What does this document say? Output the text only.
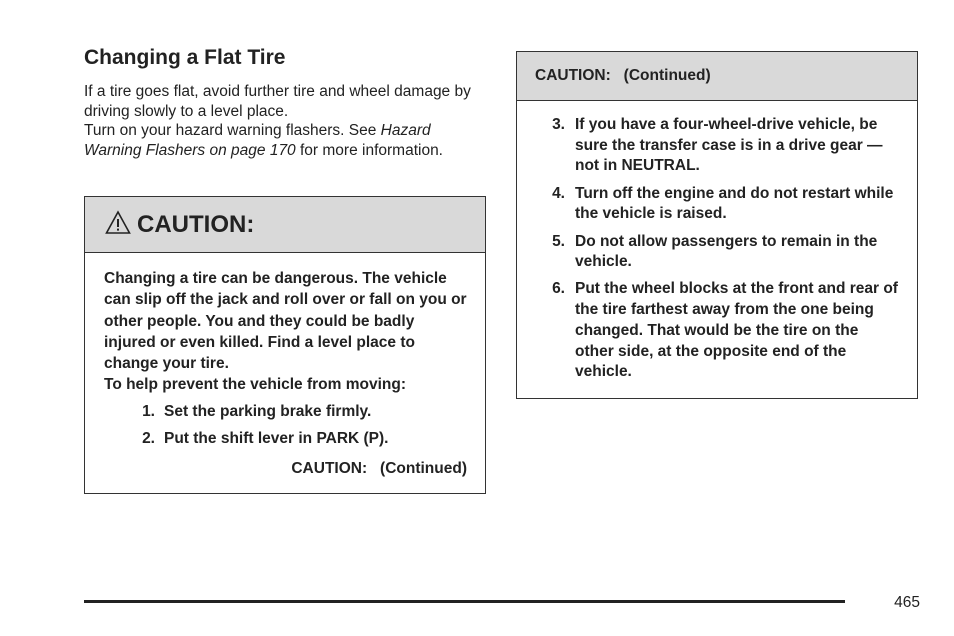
Changing a Flat Tire
If a tire goes flat, avoid further tire and wheel damage by driving slowly to a level place.
Turn on your hazard warning flashers. See Hazard Warning Flashers on page 170 for more information.
CAUTION:

Changing a tire can be dangerous. The vehicle can slip off the jack and roll over or fall on you or other people. You and they could be badly injured or even killed. Find a level place to change your tire.

To help prevent the vehicle from moving:

1. Set the parking brake firmly.
2. Put the shift lever in PARK (P).
CAUTION:   (Continued)
CAUTION:   (Continued)
3. If you have a four-wheel-drive vehicle, be sure the transfer case is in a drive gear — not in NEUTRAL.
4. Turn off the engine and do not restart while the vehicle is raised.
5. Do not allow passengers to remain in the vehicle.
6. Put the wheel blocks at the front and rear of the tire farthest away from the one being changed. That would be the tire on the other side, at the opposite end of the vehicle.
465
